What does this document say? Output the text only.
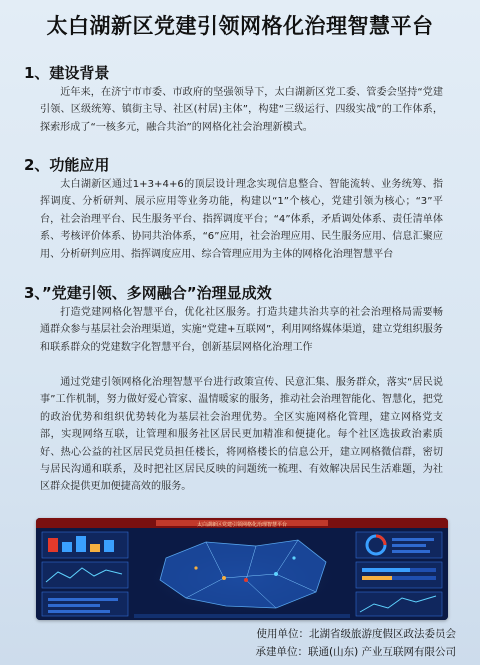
太白湖新区党建引领网格化治理智慧平台
1、建设背景

近年来，在济宁市市委、市政府的坚强领导下，太白湖新区党工委、管委会坚持“党建引领、区级统筹、镇街主导、社区(村居)主体”，构建“三级运行、四级实战”的工作体系，探索形成了“一核多元，融合共治”的网格化社会治理新模式。

2、功能应用

太白湖新区通过1+3+4+6的顶层设计理念实现信息整合、智能流转、业务统筹、指挥调度、分析研判、展示应用等业务功能，构建以“1”个核心，党建引领为核心；“3”平台，社会治理平台、民生服务平台、指挥调度平台；“4”体系，矛盾调处体系、责任清单体系、考核评价体系、协同共治体系，“6”应用，社会治理应用、民生服务应用、信息汇聚应用、分析研判应用、指挥调度应用、综合管理应用为主体的网格化治理智慧平台

3、”党建引领、多网融合”治理显成效

打造党建网格化智慧平台，优化社区服务。打造共建共治共享的社会治理格局需要畅通群众参与基层社会治理渠道，实施“党建+互联网”，利用网络媒体渠道，建立党组织服务和联系群众的党建数字化智慧平台，创新基层网格化治理工作

通过党建引领网格化治理智慧平台进行政策宣传、民意汇集、服务群众，落实“居民说事”工作机制，努力做好爱心管家、温情暖家的服务，推动社会治理智能化、智慧化，把党的政治优势和组织优势转化为基层社会治理优势。全区实施网格化管理，建立网格党支部，实现网络互联，让管理和服务社区居民更加精准和便捷化。每个社区选拔政治素质好、热心公益的社区居民党员担任楼长，将网格楼长的信息公开，建立网格微信群，密切与居民沟通和联系，及时把社区居民反映的问题统一梳理、有效解决居民生活难题，为社区群众提供更加便捷高效的服务。

太白湖新区党建引领网格化治理智慧平台
使用单位：北湖省级旅游度假区政法委员会
承建单位：联通(山东) 产业互联网有限公司
